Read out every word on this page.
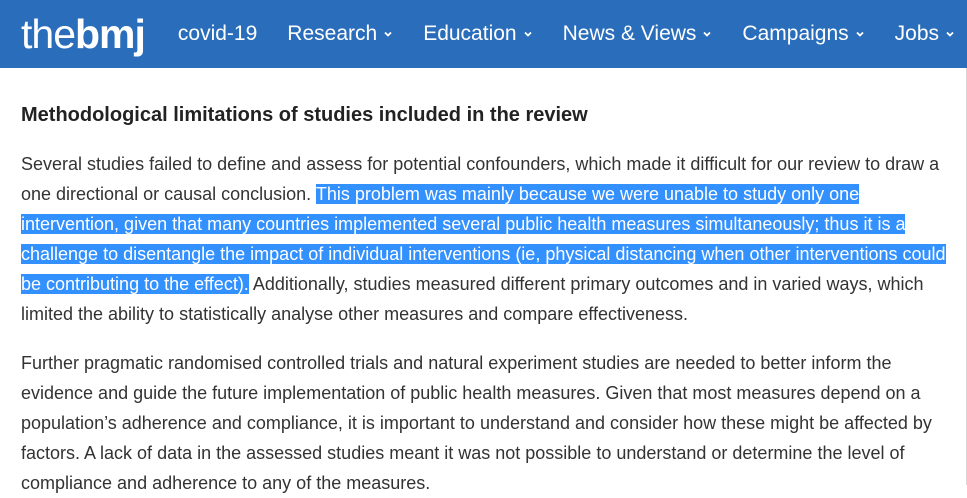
the bmj covid-19 Research Education News & Views Campaigns Jobs
Methodological limitations of studies included in the review

Several studies failed to define and assess for potential confounders, which made it difficult for our review to draw a one directional or causal conclusion. This problem was mainly because we were unable to study only one intervention, given that many countries implemented several public health measures simultaneously; thus it is a challenge to disentangle the impact of individual interventions (ie, physical distancing when other interventions could be contributing to the effect). Additionally, studies measured different primary outcomes and in varied ways, which limited the ability to statistically analyse other measures and compare effectiveness.

Further pragmatic randomised controlled trials and natural experiment studies are needed to better inform the evidence and guide the future implementation of public health measures. Given that most measures depend on a population’s adherence and compliance, it is important to understand and consider how these might be affected by factors. A lack of data in the assessed studies meant it was not possible to understand or determine the level of compliance and adherence to any of the measures.
